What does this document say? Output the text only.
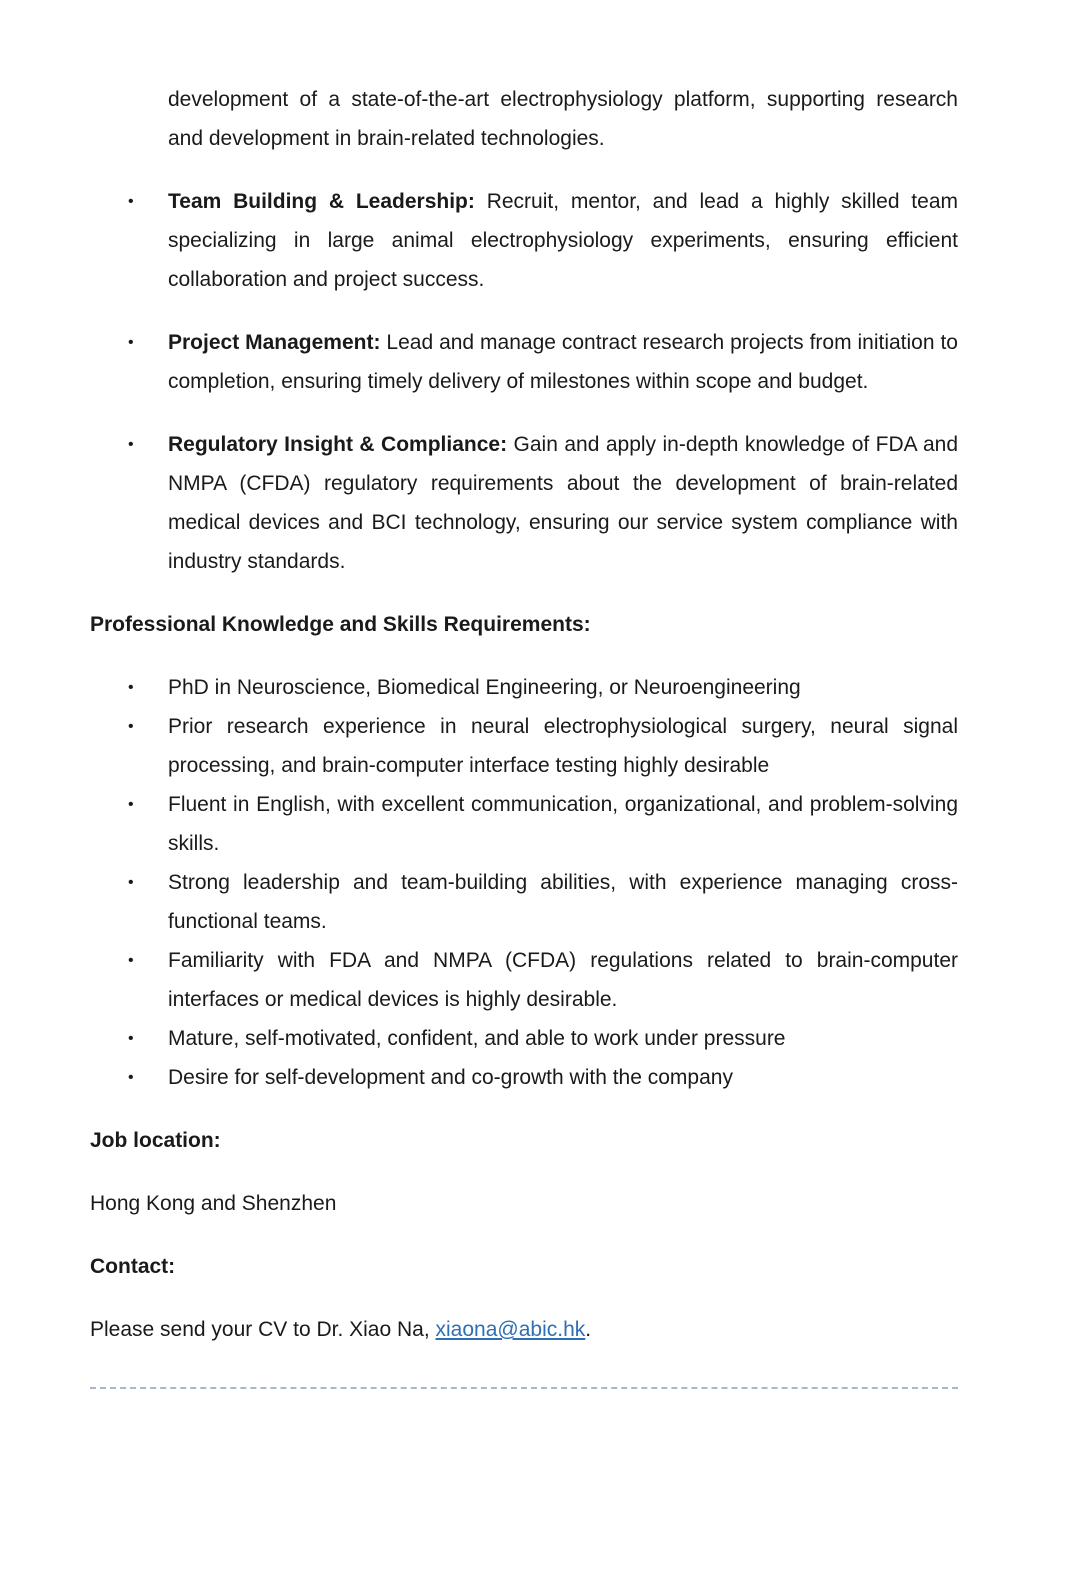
development of a state-of-the-art electrophysiology platform, supporting research and development in brain-related technologies.

• Team Building & Leadership: Recruit, mentor, and lead a highly skilled team specializing in large animal electrophysiology experiments, ensuring efficient collaboration and project success.
• Project Management: Lead and manage contract research projects from initiation to completion, ensuring timely delivery of milestones within scope and budget.
• Regulatory Insight & Compliance: Gain and apply in-depth knowledge of FDA and NMPA (CFDA) regulatory requirements about the development of brain-related medical devices and BCI technology, ensuring our service system compliance with industry standards.

Professional Knowledge and Skills Requirements:

• PhD in Neuroscience, Biomedical Engineering, or Neuroengineering
• Prior research experience in neural electrophysiological surgery, neural signal processing, and brain-computer interface testing highly desirable
• Fluent in English, with excellent communication, organizational, and problem-solving skills.
• Strong leadership and team-building abilities, with experience managing cross-functional teams.
• Familiarity with FDA and NMPA (CFDA) regulations related to brain-computer interfaces or medical devices is highly desirable.
• Mature, self-motivated, confident, and able to work under pressure
• Desire for self-development and co-growth with the company

Job location:

Hong Kong and Shenzhen

Contact:

Please send your CV to Dr. Xiao Na, xiaona@abic.hk.
